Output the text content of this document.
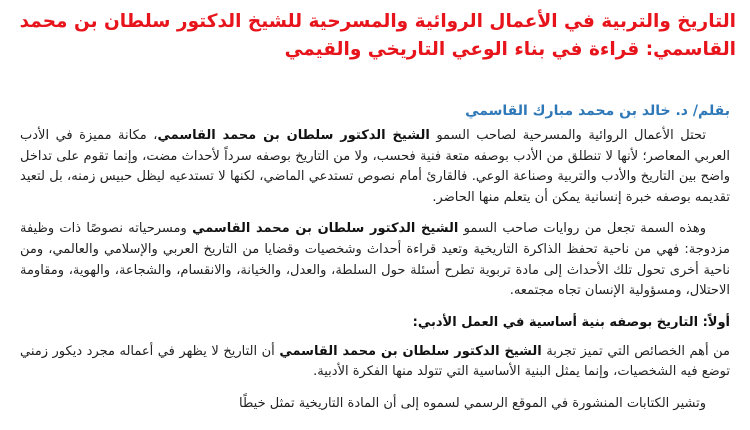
التاريخ والتربية في الأعمال الروائية والمسرحية للشيخ الدكتور سلطان بن محمد القاسمي: قراءة في بناء الوعي التاريخي والقيمي
بقلم/ د. خالد بن محمد مبارك القاسمي

تحتل الأعمال الروائية والمسرحية لصاحب السمو الشيخ الدكتور سلطان بن محمد القاسمي، مكانة مميزة في الأدب العربي المعاصر؛ لأنها لا تنطلق من الأدب بوصفه متعة فنية فحسب، ولا من التاريخ بوصفه سرداً لأحداث مضت، وإنما تقوم على تداخل واضح بين التاريخ والأدب والتربية وصناعة الوعي. فالقارئ أمام نصوص تستدعي الماضي، لكنها لا تستدعيه ليظل حبيس زمنه، بل لتعيد تقديمه بوصفه خبرة إنسانية يمكن أن يتعلم منها الحاضر.

وهذه السمة تجعل من روايات صاحب السمو الشيخ الدكتور سلطان بن محمد القاسمي ومسرحياته نصوصًا ذات وظيفة مزدوجة: فهي من ناحية تحفظ الذاكرة التاريخية وتعيد قراءة أحداث وشخصيات وقضايا من التاريخ العربي والإسلامي والعالمي، ومن ناحية أخرى تحول تلك الأحداث إلى مادة تربوية تطرح أسئلة حول السلطة، والعدل، والخيانة، والانقسام، والشجاعة، والهوية، ومقاومة الاحتلال، ومسؤولية الإنسان تجاه مجتمعه.

أولاً: التاريخ بوصفه بنية أساسية في العمل الأدبي:

من أهم الخصائص التي تميز تجربة الشيخ الدكتور سلطان بن محمد القاسمي أن التاريخ لا يظهر في أعماله مجرد ديكور زمني توضع فيه الشخصيات، وإنما يمثل البنية الأساسية التي تتولد منها الفكرة الأدبية.

وتشير الكتابات المنشورة في الموقع الرسمي لسموه إلى أن المادة التاريخية تمثل خيطًا
